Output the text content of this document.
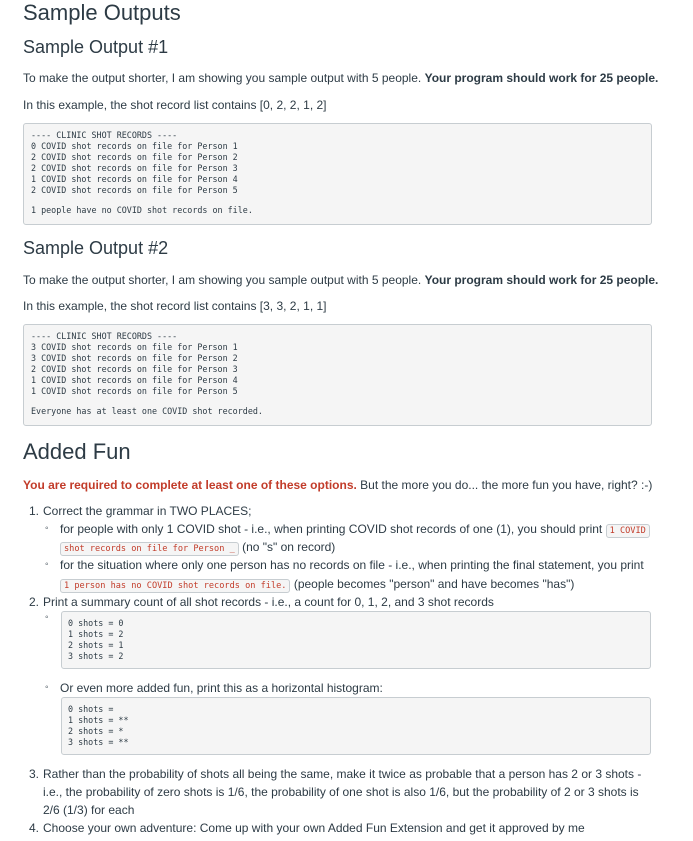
Sample Outputs
Sample Output #1

To make the output shorter, I am showing you sample output with 5 people. Your program should work for 25 people.

In this example, the shot record list contains [0, 2, 2, 1, 2]

---- CLINIC SHOT RECORDS ----
0 COVID shot records on file for Person 1
2 COVID shot records on file for Person 2
2 COVID shot records on file for Person 3
1 COVID shot records on file for Person 4
2 COVID shot records on file for Person 5
1 people have no COVID shot records on file.
Sample Output #2

To make the output shorter, I am showing you sample output with 5 people. Your program should work for 25 people.

In this example, the shot record list contains [3, 3, 2, 1, 1]

---- CLINIC SHOT RECORDS ----
3 COVID shot records on file for Person 1
3 COVID shot records on file for Person 2
2 COVID shot records on file for Person 3
1 COVID shot records on file for Person 4
1 COVID shot records on file for Person 5
Everyone has at least one COVID shot recorded.
Added Fun

You are required to complete at least one of these options. But the more you do... the more fun you have, right? :-)

1. Correct the grammar in TWO PLACES;
◦ for people with only 1 COVID shot - i.e., when printing COVID shot records of one (1), you should print 1 COVID
shot records on file for Person _ (no "s" on record)
◦ for the situation where only one person has no records on file - i.e., when printing the final statement, you print
1 person has no COVID shot records on file. (people becomes "person" and have becomes "has")
2. Print a summary count of all shot records - i.e., a count for 0, 1, 2, and 3 shot records
◦ 0 shots = 0
1 shots = 2
2 shots = 1
3 shots = 2
◦ Or even more added fun, print this as a horizontal histogram:
0 shots =
1 shots = **
2 shots = *
3 shots = **
3. Rather than the probability of shots all being the same, make it twice as probable that a person has 2 or 3 shots - i.e., the probability of zero shots is 1/6, the probability of one shot is also 1/6, but the probability of 2 or 3 shots is 2/6 (1/3) for each
4. Choose your own adventure: Come up with your own Added Fun Extension and get it approved by me
